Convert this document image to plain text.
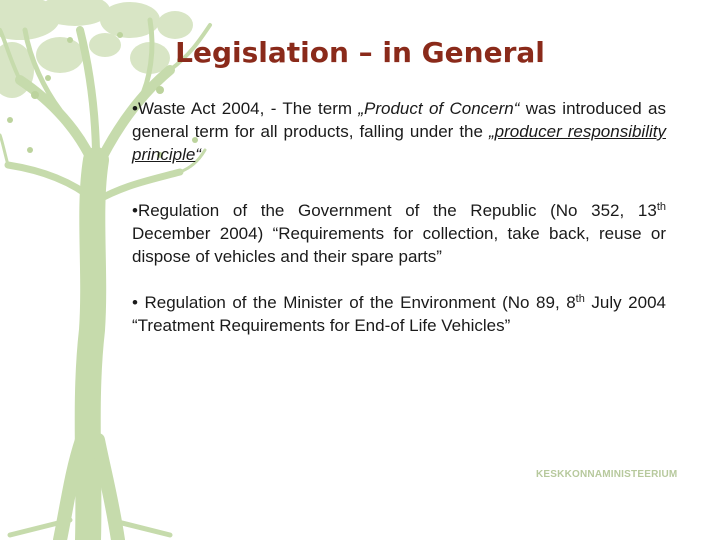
Legislation – in General
•Waste Act 2004, - The term „Product of Concern“ was introduced as general term for all products, falling under the „producer responsibility principle“
•Regulation of the Government of the Republic (No 352, 13th December 2004) “Requirements for collection, take back, reuse or dispose of vehicles and their spare parts”
• Regulation of the Minister of the Environment (No 89, 8th July 2004 “Treatment Requirements for End-of Life Vehicles”
KESKKONNAMINISTEERIUM
